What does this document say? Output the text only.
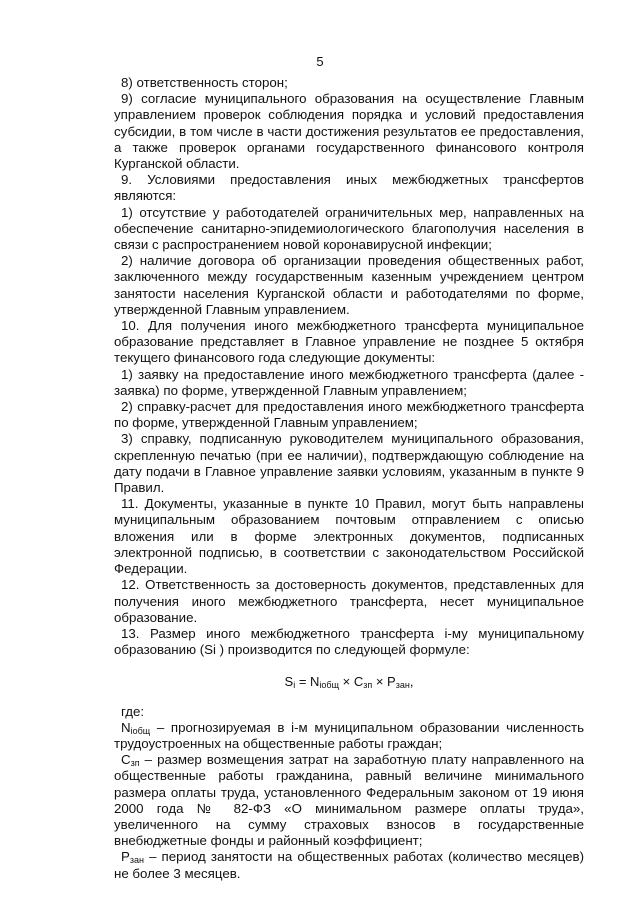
5

8) ответственность сторон;

9) согласие муниципального образования на осуществление Главным управлением проверок соблюдения порядка и условий предоставления субсидии, в том числе в части достижения результатов ее предоставления, а также проверок органами государственного финансового контроля Курганской области.

9. Условиями предоставления иных межбюджетных трансфертов являются:

1) отсутствие у работодателей ограничительных мер, направленных на обеспечение санитарно-эпидемиологического благополучия населения в связи с распространением новой коронавирусной инфекции;

2) наличие договора об организации проведения общественных работ, заключенного между государственным казенным учреждением центром занятости населения Курганской области и работодателями по форме, утвержденной Главным управлением.

10. Для получения иного межбюджетного трансферта муниципальное образование представляет в Главное управление не позднее 5 октября текущего финансового года следующие документы:

1) заявку на предоставление иного межбюджетного трансферта (далее - заявка) по форме, утвержденной Главным управлением;

2) справку-расчет для предоставления иного межбюджетного трансферта по форме, утвержденной Главным управлением;

3) справку, подписанную руководителем муниципального образования, скрепленную печатью (при ее наличии), подтверждающую соблюдение на дату подачи в Главное управление заявки условиям, указанным в пункте 9 Правил.

11. Документы, указанные в пункте 10 Правил, могут быть направлены муниципальным образованием почтовым отправлением с описью вложения или в форме электронных документов, подписанных электронной подписью, в соответствии с законодательством Российской Федерации.

12. Ответственность за достоверность документов, представленных для получения иного межбюджетного трансферта, несет муниципальное образование.

13. Размер иного межбюджетного трансферта i-му муниципальному образованию (Si ) производится по следующей формуле:

$S_i = N_{iобщ} \times C_{зп} \times P_{зан}$,

где:

$N_{iобщ}$ – прогнозируемая в i-м муниципальном образовании численность трудоустроенных на общественные работы граждан;

$C_{зп}$ – размер возмещения затрат на заработную плату направленного на общественные работы гражданина, равный величине минимального размера оплаты труда, установленного Федеральным законом от 19 июня 2000 года № 82-ФЗ «О минимальном размере оплаты труда», увеличенного на сумму страховых взносов в государственные внебюджетные фонды и районный коэффициент;

$P_{зан}$ – период занятости на общественных работах (количество месяцев) не более 3 месяцев.
